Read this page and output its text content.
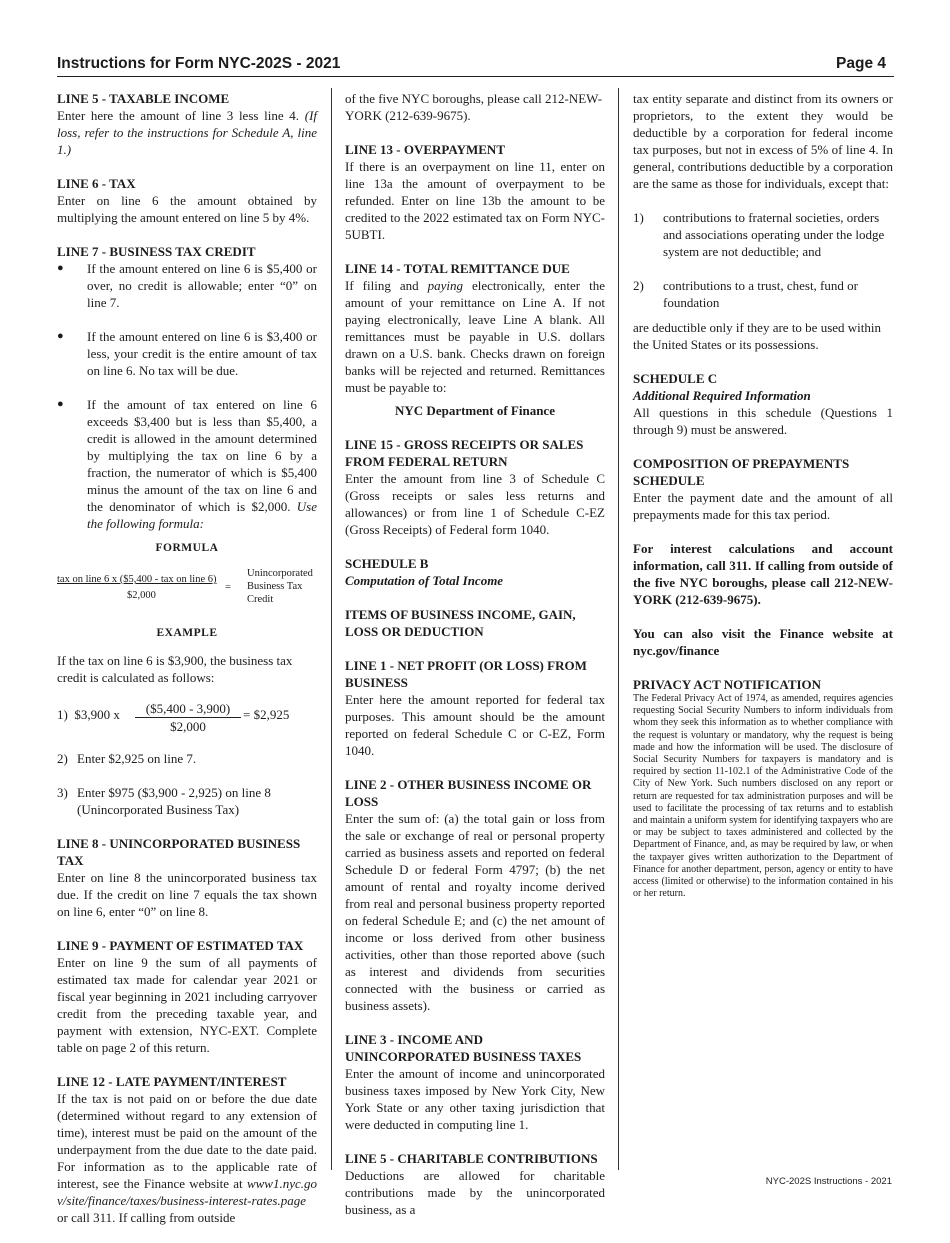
Instructions for Form NYC-202S - 2021	Page 4
LINE 5 - TAXABLE INCOME

Enter here the amount of line 3 less line 4. (If loss, refer to the instructions for Schedule A, line 1.)

LINE 6 - TAX

Enter on line 6 the amount obtained by multiplying the amount entered on line 5 by 4%.

LINE 7 - BUSINESS TAX CREDIT
● If the amount entered on line 6 is $5,400 or over, no credit is allowable; enter “0” on line 7.
● If the amount entered on line 6 is $3,400 or less, your credit is the entire amount of tax on line 6. No tax will be due.
● If the amount of tax entered on line 6 exceeds $3,400 but is less than $5,400, a credit is allowed in the amount determined by multiplying the tax on line 6 by a fraction, the numerator of which is $5,400 minus the amount of the tax on line 6 and the denominator of which is $2,000. Use the following formula:
FORMULA
tax on line 6 x ($5,400 - tax on line 6)
$2,000
=
Unincorporated Business Tax Credit
EXAMPLE

If the tax on line 6 is $3,900, the business tax credit is calculated as follows:

1) $3,900 x $\frac{(\$5,400 - 3,900)}{\$2,000}$ = $2,925
2) Enter $2,925 on line 7.
3) Enter $975 ($3,900 - 2,925) on line 8 (Unincorporated Business Tax)
LINE 8 - UNINCORPORATED BUSINESS TAX

Enter on line 8 the unincorporated business tax due. If the credit on line 7 equals the tax shown on line 6, enter “0” on line 8.

LINE 9 - PAYMENT OF ESTIMATED TAX

Enter on line 9 the sum of all payments of estimated tax made for calendar year 2021 or fiscal year beginning in 2021 including carryover credit from the preceding taxable year, and payment with extension, NYC-EXT. Complete table on page 2 of this return.

LINE 12 - LATE PAYMENT/INTEREST

If the tax is not paid on or before the due date (determined without regard to any extension of time), interest must be paid on the amount of the underpayment from the due date to the date paid. For information as to the applicable rate of interest, see the Finance website at www1.nyc.gov/site/finance/taxes/business-interest-rates.page or call 311. If calling from outside

of the five NYC boroughs, please call 212-NEW-YORK (212-639-9675).

LINE 13 - OVERPAYMENT

If there is an overpayment on line 11, enter on line 13a the amount of overpayment to be refunded. Enter on line 13b the amount to be credited to the 2022 estimated tax on Form NYC-5UBTI.

LINE 14 - TOTAL REMITTANCE DUE

If filing and paying electronically, enter the amount of your remittance on Line A. If not paying electronically, leave Line A blank. All remittances must be payable in U.S. dollars drawn on a U.S. bank. Checks drawn on foreign banks will be rejected and returned. Remittances must be payable to:

NYC Department of Finance

LINE 15 - GROSS RECEIPTS OR SALES FROM FEDERAL RETURN

Enter the amount from line 3 of Schedule C (Gross receipts or sales less returns and allowances) or from line 1 of Schedule C-EZ (Gross Receipts) of Federal form 1040.

SCHEDULE B
Computation of Total Income
ITEMS OF BUSINESS INCOME, GAIN, LOSS OR DEDUCTION
LINE 1 - NET PROFIT (OR LOSS) FROM BUSINESS

Enter here the amount reported for federal tax purposes. This amount should be the amount reported on federal Schedule C or C-EZ, Form 1040.

LINE 2 - OTHER BUSINESS INCOME OR LOSS

Enter the sum of: (a) the total gain or loss from the sale or exchange of real or personal property carried as business assets and reported on federal Schedule D or federal Form 4797; (b) the net amount of rental and royalty income derived from real and personal business property reported on federal Schedule E; and (c) the net amount of income or loss derived from other business activities, other than those reported above (such as interest and dividends from securities connected with the business or carried as business assets).

LINE 3 - INCOME AND UNINCORPORATED BUSINESS TAXES

Enter the amount of income and unincorporated business taxes imposed by New York City, New York State or any other taxing jurisdiction that were deducted in computing line 1.

LINE 5 - CHARITABLE CONTRIBUTIONS

Deductions are allowed for charitable contributions made by the unincorporated business, as a

tax entity separate and distinct from its owners or proprietors, to the extent they would be deductible by a corporation for federal income tax purposes, but not in excess of 5% of line 4. In general, contributions deductible by a corporation are the same as those for individuals, except that:

1) contributions to fraternal societies, orders and associations operating under the lodge system are not deductible; and
2) contributions to a trust, chest, fund or foundation

are deductible only if they are to be used within the United States or its possessions.

SCHEDULE C
Additional Required Information

All questions in this schedule (Questions 1 through 9) must be answered.

COMPOSITION OF PREPAYMENTS SCHEDULE

Enter the payment date and the amount of all prepayments made for this tax period.

For interest calculations and account information, call 311. If calling from outside of the five NYC boroughs, please call 212-NEW-YORK (212-639-9675).

You can also visit the Finance website at nyc.gov/finance

PRIVACY ACT NOTIFICATION

The Federal Privacy Act of 1974, as amended, requires agencies requesting Social Security Numbers to inform individuals from whom they seek this information as to whether compliance with the request is voluntary or mandatory, why the request is being made and how the information will be used. The disclosure of Social Security Numbers for taxpayers is mandatory and is required by section 11-102.1 of the Administrative Code of the City of New York. Such numbers disclosed on any report or return are requested for tax administration purposes and will be used to facilitate the processing of tax returns and to establish and maintain a uniform system for identifying taxpayers who are or may be subject to taxes administered and collected by the Department of Finance, and, as may be required by law, or when the taxpayer gives written authorization to the Department of Finance for another department, person, agency or entity to have access (limited or otherwise) to the information contained in his or her return.

NYC-202S Instructions - 2021
